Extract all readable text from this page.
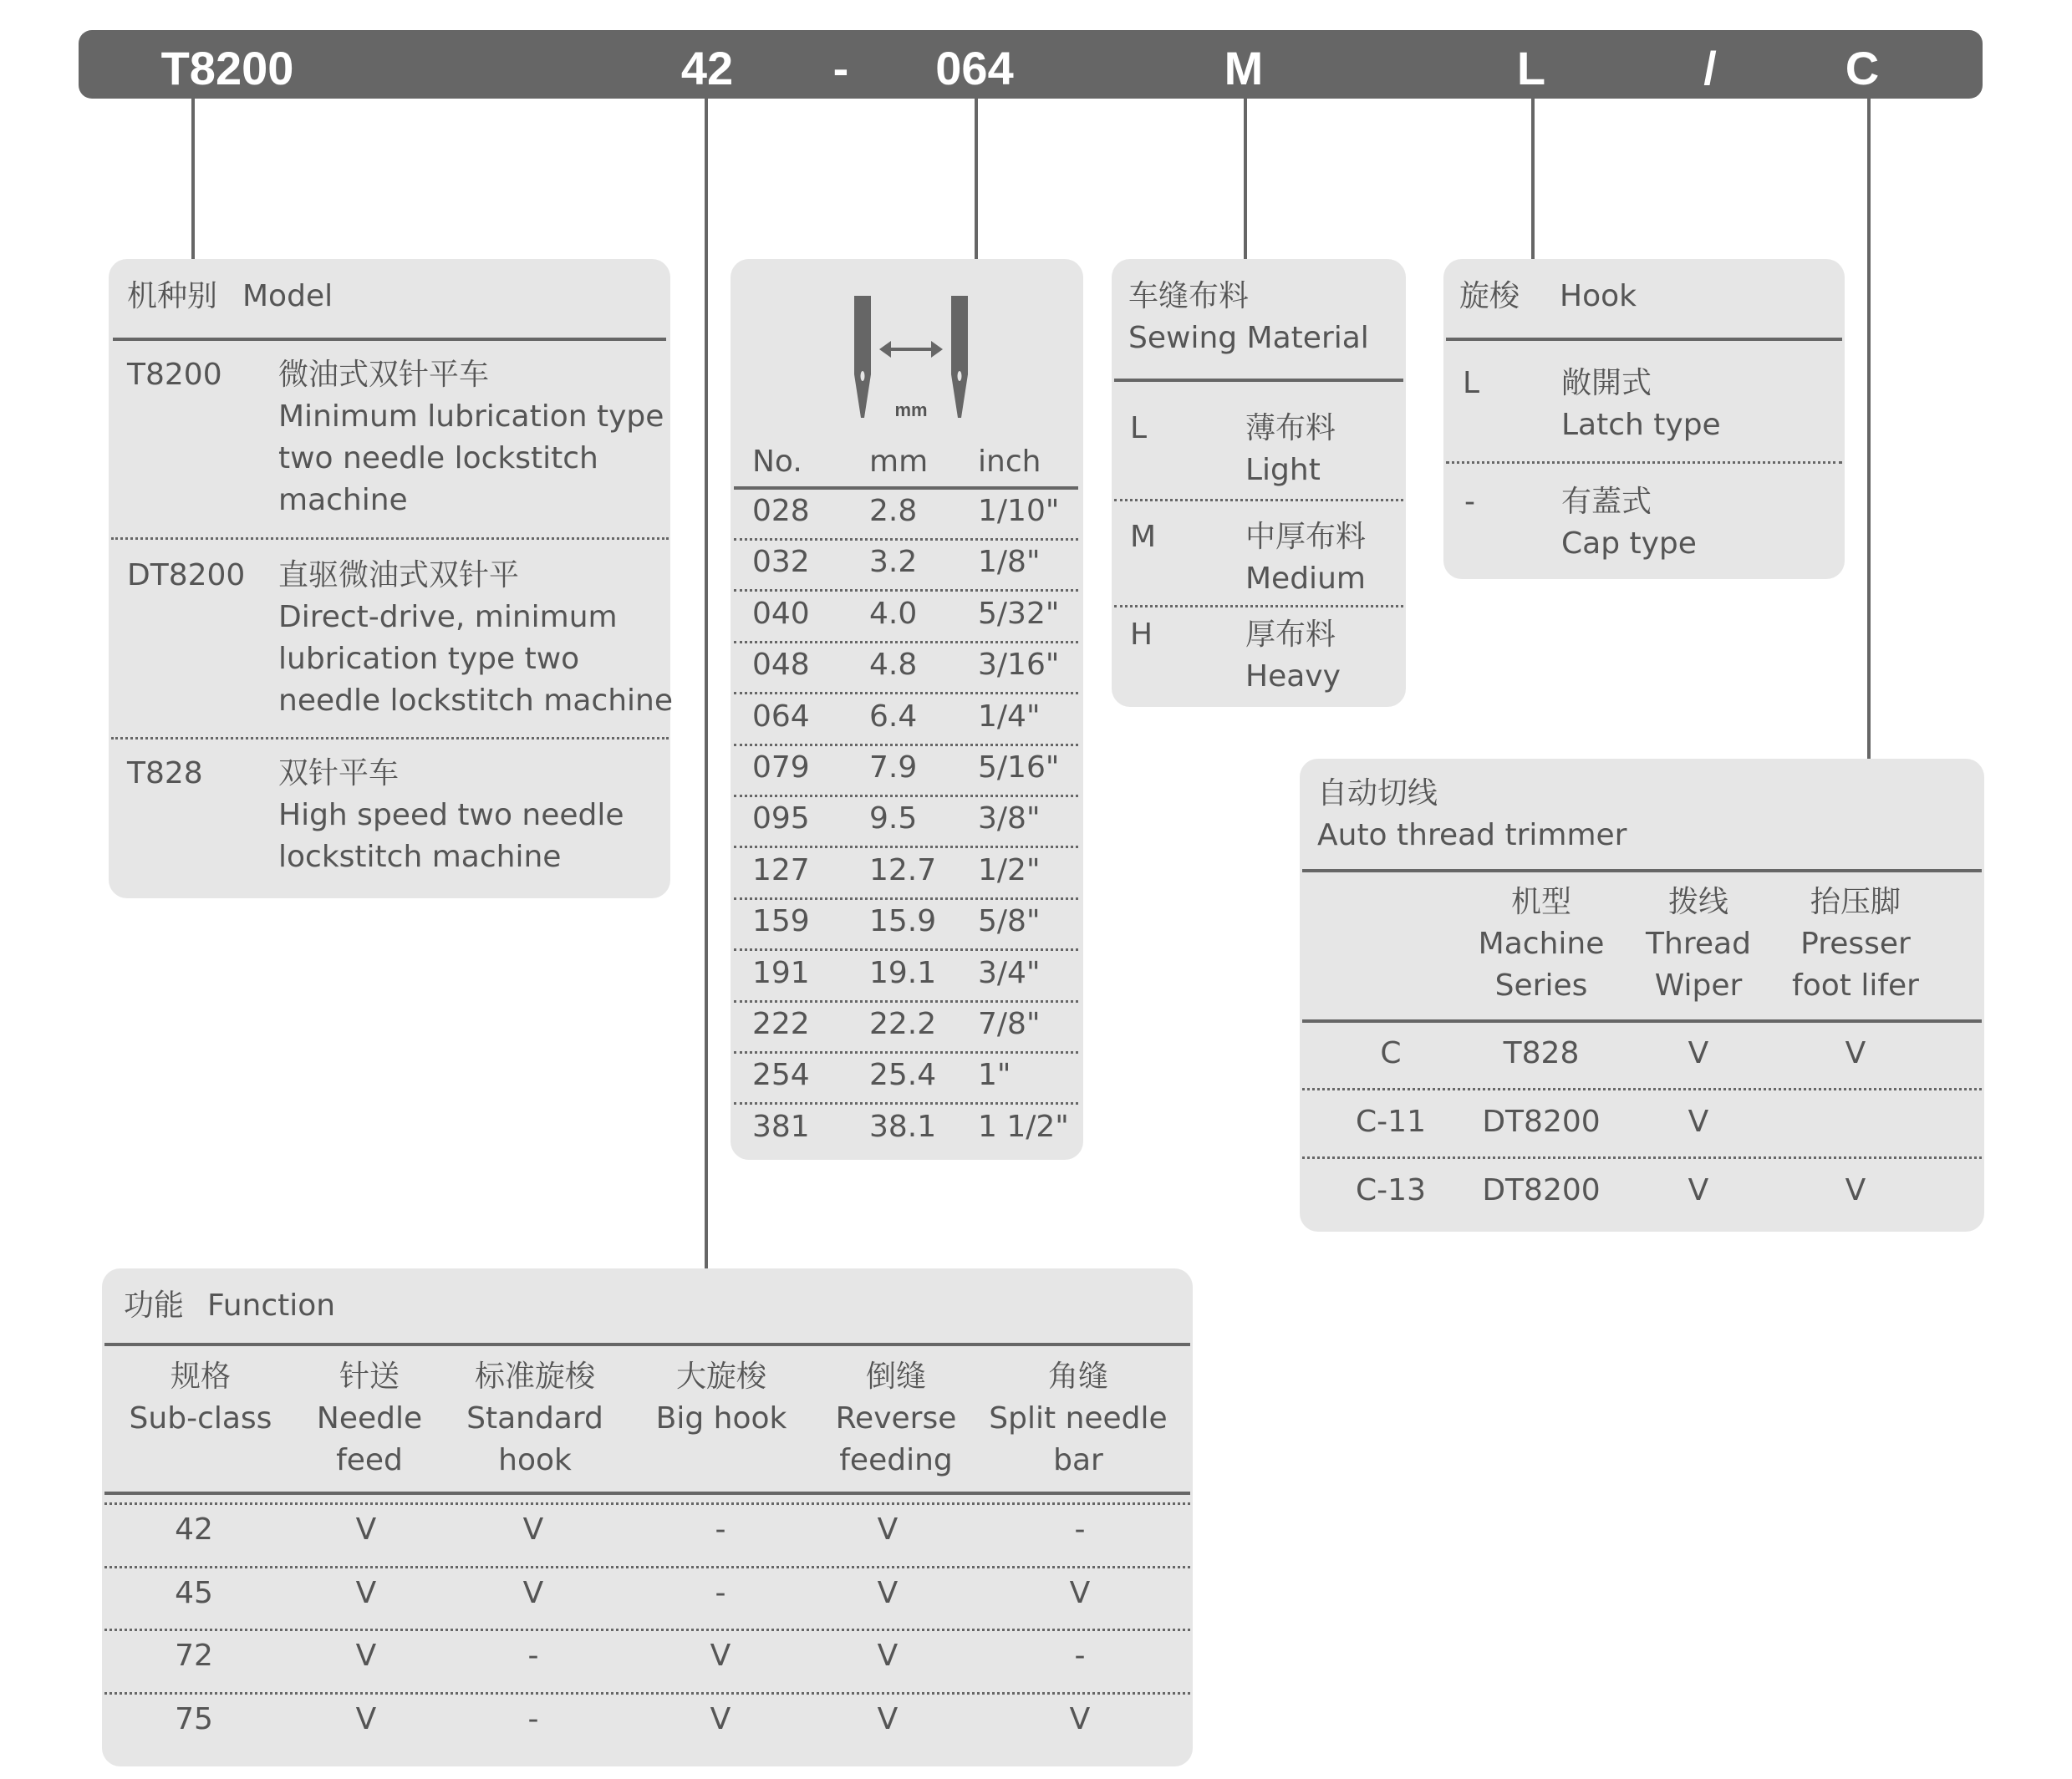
T8200	42 - 064	M	L	/	C
机种别 Model
T8200 微油式双针平车
Minimum lubrication type
two needle lockstitch
machine
DT8200 直驱微油式双针平
Direct-drive, minimum
lubrication type two
needle lockstitch machine
T828	双针平车
High speed two needle
lockstitch machine
mm
No. mm inch
028 2.8 1/10"
032 3.2 1/8"
040 4.0 5/32"
048 4.8 3/16"
064 6.4 1/4"
079 7.9 5/16"
095 9.5 3/8"
127 12.7 1/2"
159 15.9 5/8"
191 19.1 3/4"
222 22.2 7/8"
254 25.4 1"
381 38.1 1 1/2"
车缝布料
Sewing Material
L	薄布料
Light
M	中厚布料
Medium
H	厚布料
Heavy
旋梭 Hook
L	敞開式
Latch type
-	有蓋式
Cap type
自动切线
Auto thread trimmer
机型
Machine
Series
拨线
Thread
Wiper
抬压脚
Presser
foot lifer
C	T828	V	V
C-11 DT8200	V
C-13 DT8200	V	V
功能 Function
规格
Sub-class
针送
Needle
feed
标准旋梭
Standard
hook
大旋梭
Big hook
倒缝
Reverse
feeding
角缝
Split needle
bar
42	V	V	-	V	-
45	V	V	-	V	V
72	V	-	V	V	-
75	V	-	V	V	V
